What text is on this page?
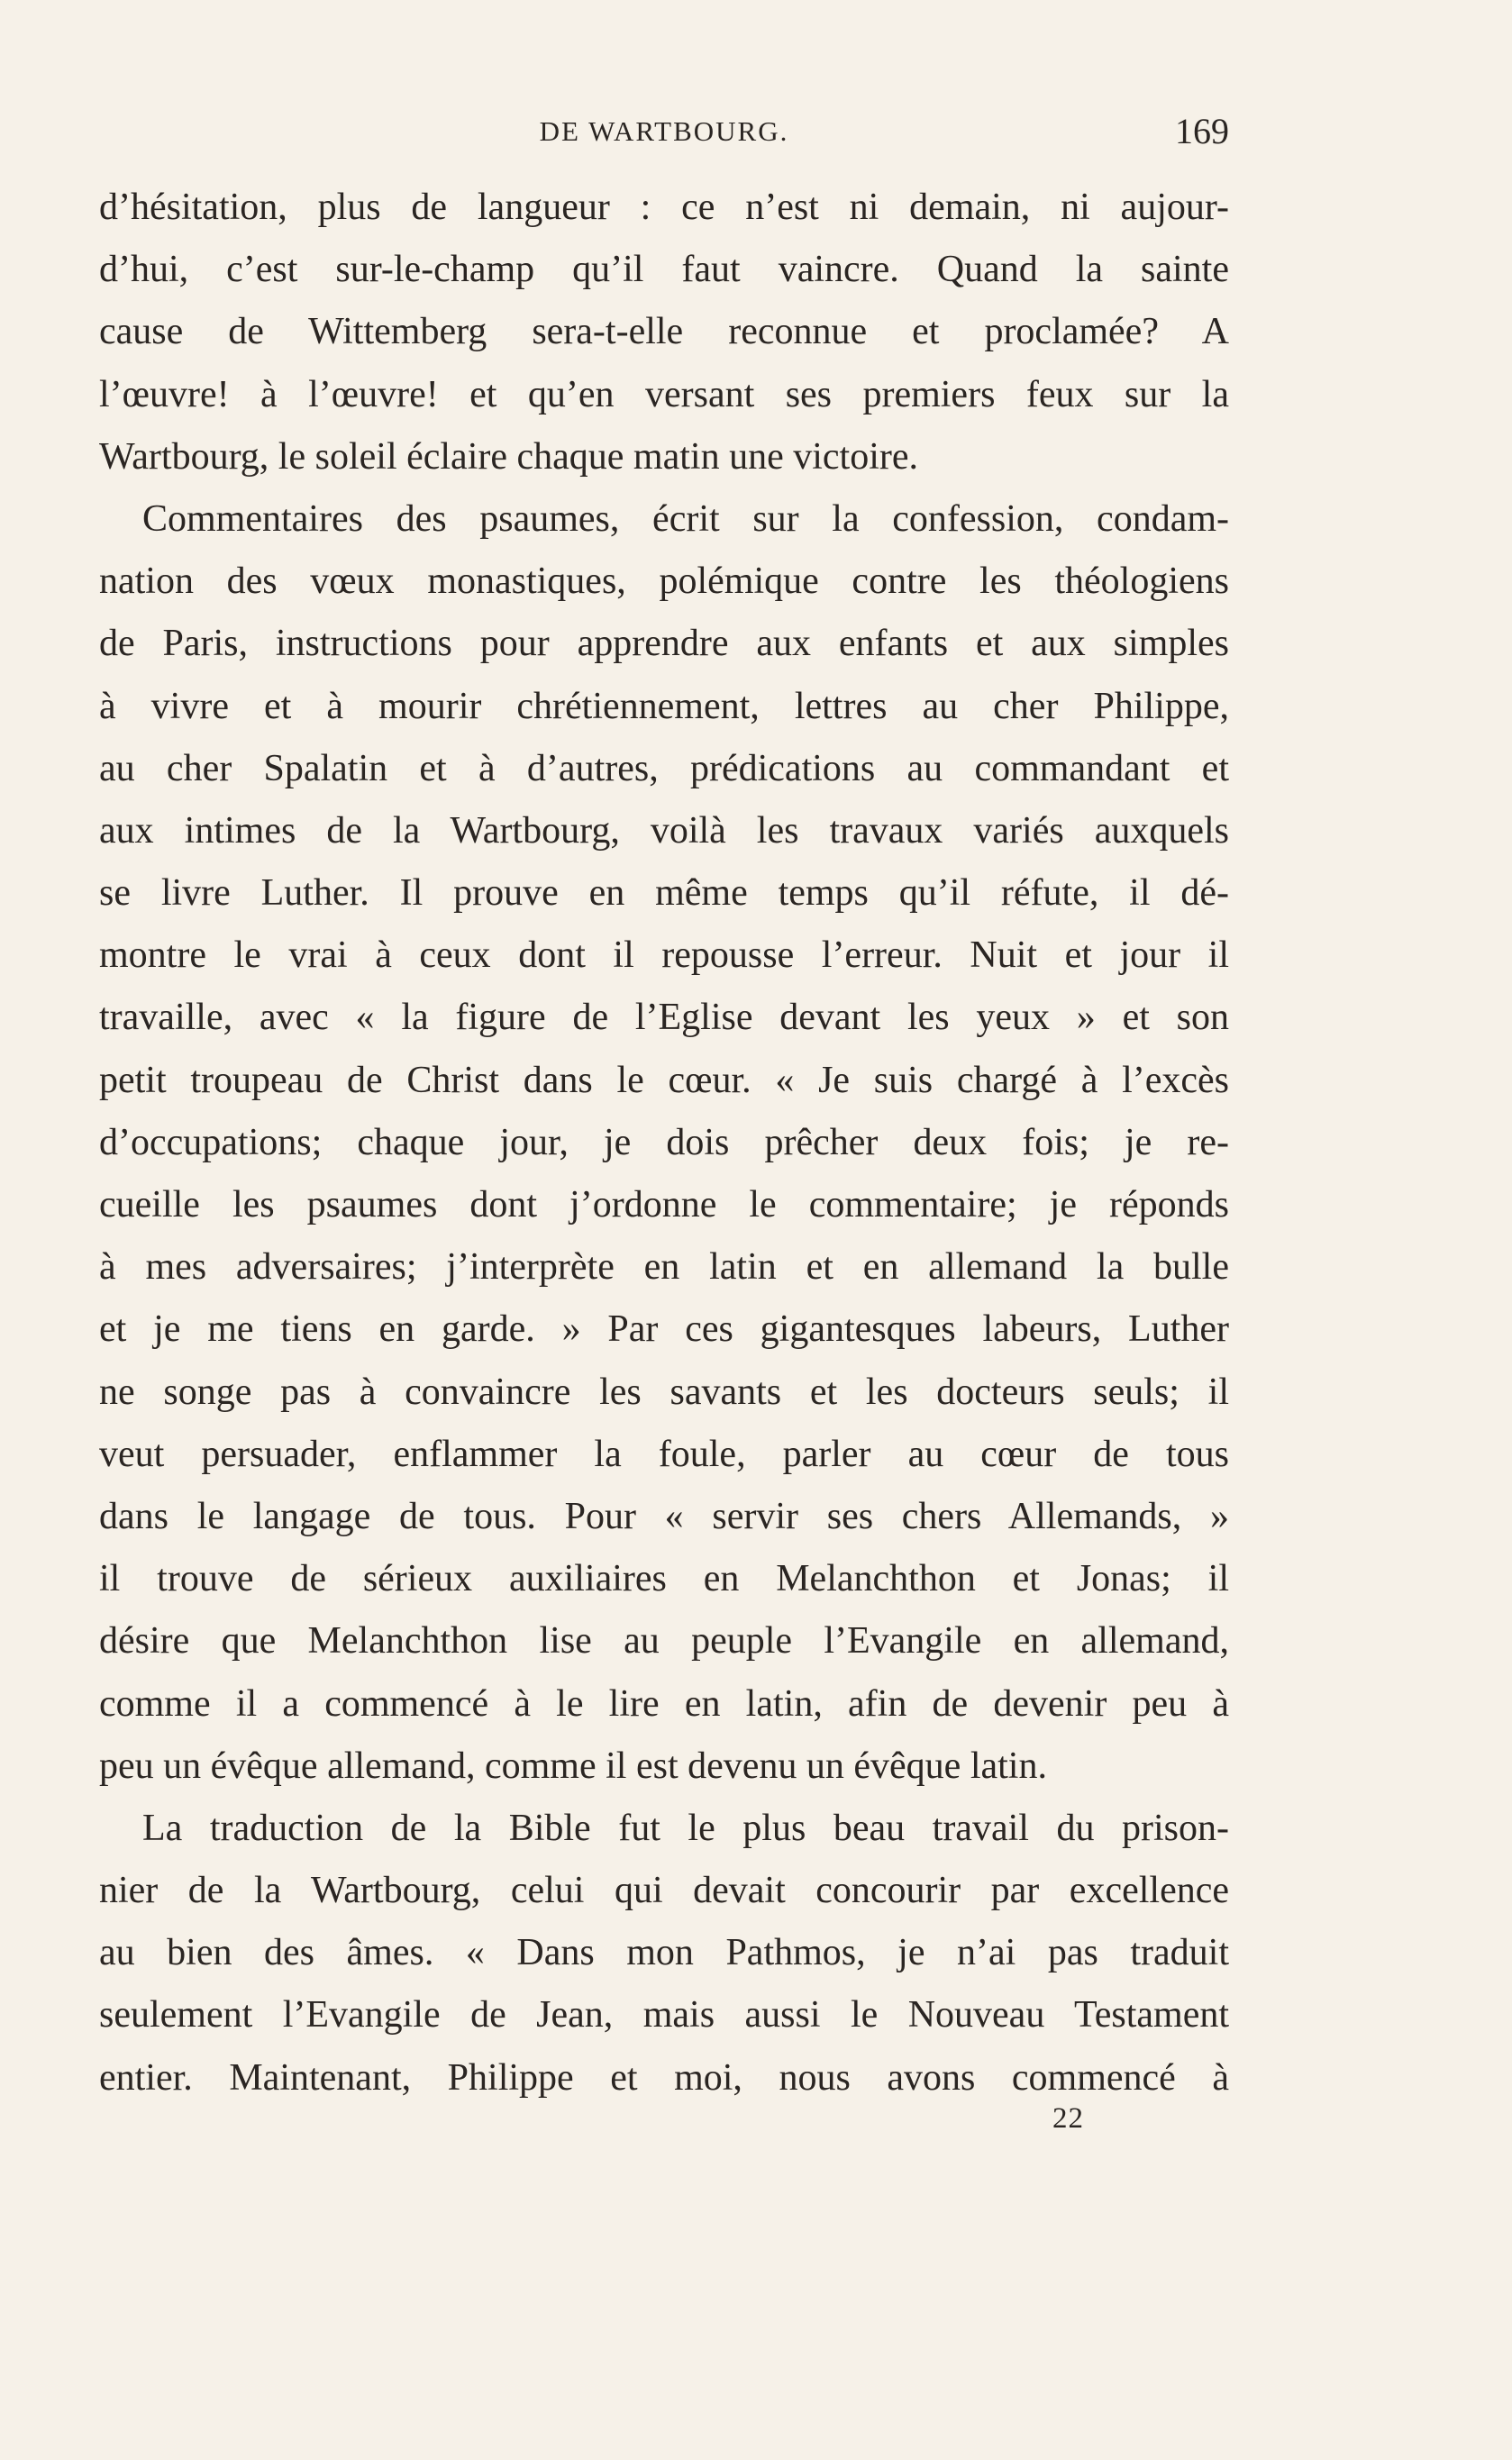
DE WARTBOURG.	169
d’hésitation, plus de langueur : ce n’est ni demain, ni aujour-
d’hui, c’est sur-le-champ qu’il faut vaincre. Quand la sainte
cause de Wittemberg sera-t-elle reconnue et proclamée? A
l’œuvre! à l’œuvre! et qu’en versant ses premiers feux sur la
Wartbourg, le soleil éclaire chaque matin une victoire.
Commentaires des psaumes, écrit sur la confession, condam-
nation des vœux monastiques, polémique contre les théologiens
de Paris, instructions pour apprendre aux enfants et aux simples
à vivre et à mourir chrétiennement, lettres au cher Philippe,
au cher Spalatin et à d’autres, prédications au commandant et
aux intimes de la Wartbourg, voilà les travaux variés auxquels
se livre Luther. Il prouve en même temps qu’il réfute, il dé-
montre le vrai à ceux dont il repousse l’erreur. Nuit et jour il
travaille, avec « la figure de l’Eglise devant les yeux » et son
petit troupeau de Christ dans le cœur. « Je suis chargé à l’excès
d’occupations; chaque jour, je dois prêcher deux fois; je re-
cueille les psaumes dont j’ordonne le commentaire; je réponds
à mes adversaires; j’interprète en latin et en allemand la bulle
et je me tiens en garde. » Par ces gigantesques labeurs, Luther
ne songe pas à convaincre les savants et les docteurs seuls; il
veut persuader, enflammer la foule, parler au cœur de tous
dans le langage de tous. Pour « servir ses chers Allemands, »
il trouve de sérieux auxiliaires en Melanchthon et Jonas; il
désire que Melanchthon lise au peuple l’Evangile en allemand,
comme il a commencé à le lire en latin, afin de devenir peu à
peu un évêque allemand, comme il est devenu un évêque latin.
La traduction de la Bible fut le plus beau travail du prison-
nier de la Wartbourg, celui qui devait concourir par excellence
au bien des âmes. « Dans mon Pathmos, je n’ai pas traduit
seulement l’Evangile de Jean, mais aussi le Nouveau Testament
entier. Maintenant, Philippe et moi, nous avons commencé à
22
